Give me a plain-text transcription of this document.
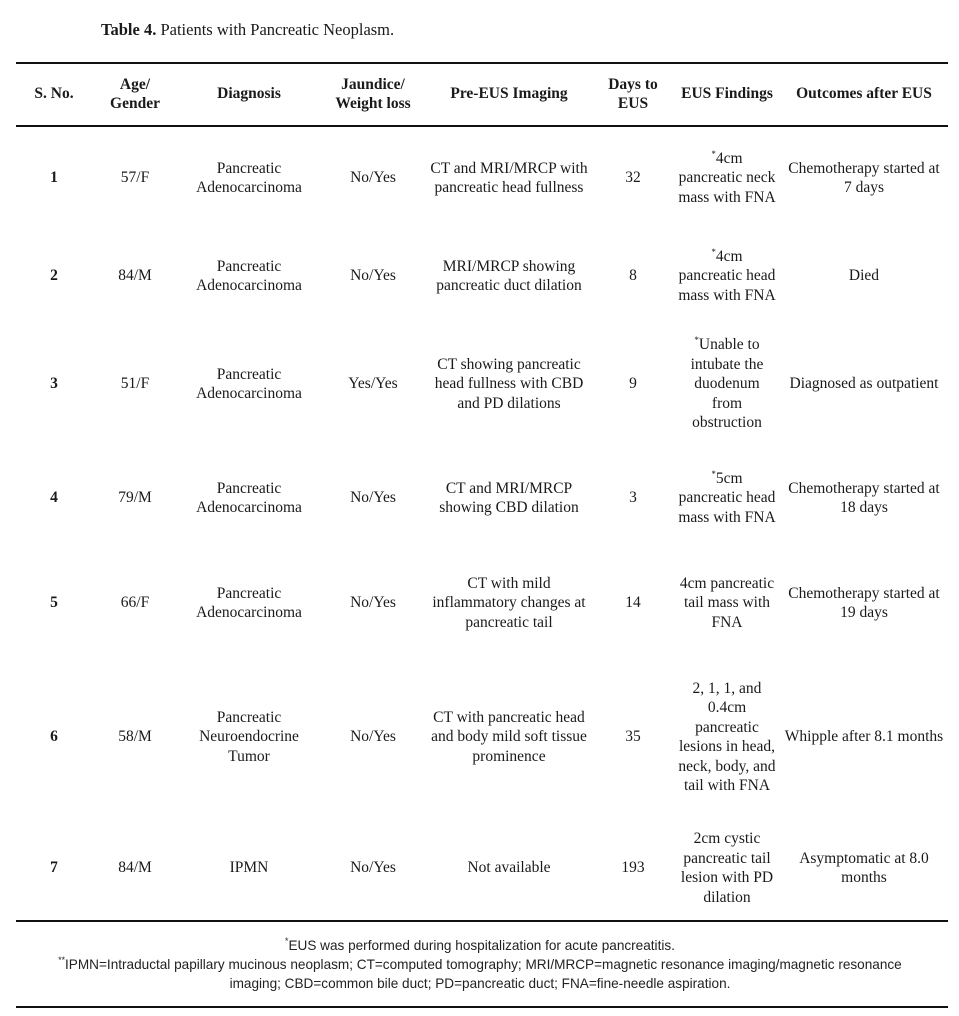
Table 4. Patients with Pancreatic Neoplasm.
S. No.	Age/ Gender	Diagnosis	Jaundice/ Weight loss	Pre-EUS Imaging	Days to EUS	EUS Findings	Outcomes after EUS
1	57/F	Pancreatic Adenocarcinoma	No/Yes	CT and MRI/MRCP with pancreatic head fullness	32	*4cm pancreatic neck mass with FNA	Chemotherapy started at 7 days
2	84/M	Pancreatic Adenocarcinoma	No/Yes	MRI/MRCP showing pancreatic duct dilation	8	*4cm pancreatic head mass with FNA	Died
3	51/F	Pancreatic Adenocarcinoma	Yes/Yes	CT showing pancreatic head fullness with CBD and PD dilations	9	*Unable to intubate the duodenum from obstruction	Diagnosed as outpatient
4	79/M	Pancreatic Adenocarcinoma	No/Yes	CT and MRI/MRCP showing CBD dilation	3	*5cm pancreatic head mass with FNA	Chemotherapy started at 18 days
5	66/F	Pancreatic Adenocarcinoma	No/Yes	CT with mild inflammatory changes at pancreatic tail	14	4cm pancreatic tail mass with FNA	Chemotherapy started at 19 days
6	58/M	Pancreatic Neuroendocrine Tumor	No/Yes	CT with pancreatic head and body mild soft tissue prominence	35	2, 1, 1, and 0.4cm pancreatic lesions in head, neck, body, and tail with FNA	Whipple after 8.1 months
7	84/M	IPMN	No/Yes	Not available	193	2cm cystic pancreatic tail lesion with PD dilation	Asymptomatic at 8.0 months
*EUS was performed during hospitalization for acute pancreatitis.
**IPMN=Intraductal papillary mucinous neoplasm; CT=computed tomography; MRI/MRCP=magnetic resonance imaging/magnetic resonance imaging; CBD=common bile duct; PD=pancreatic duct; FNA=fine-needle aspiration.
